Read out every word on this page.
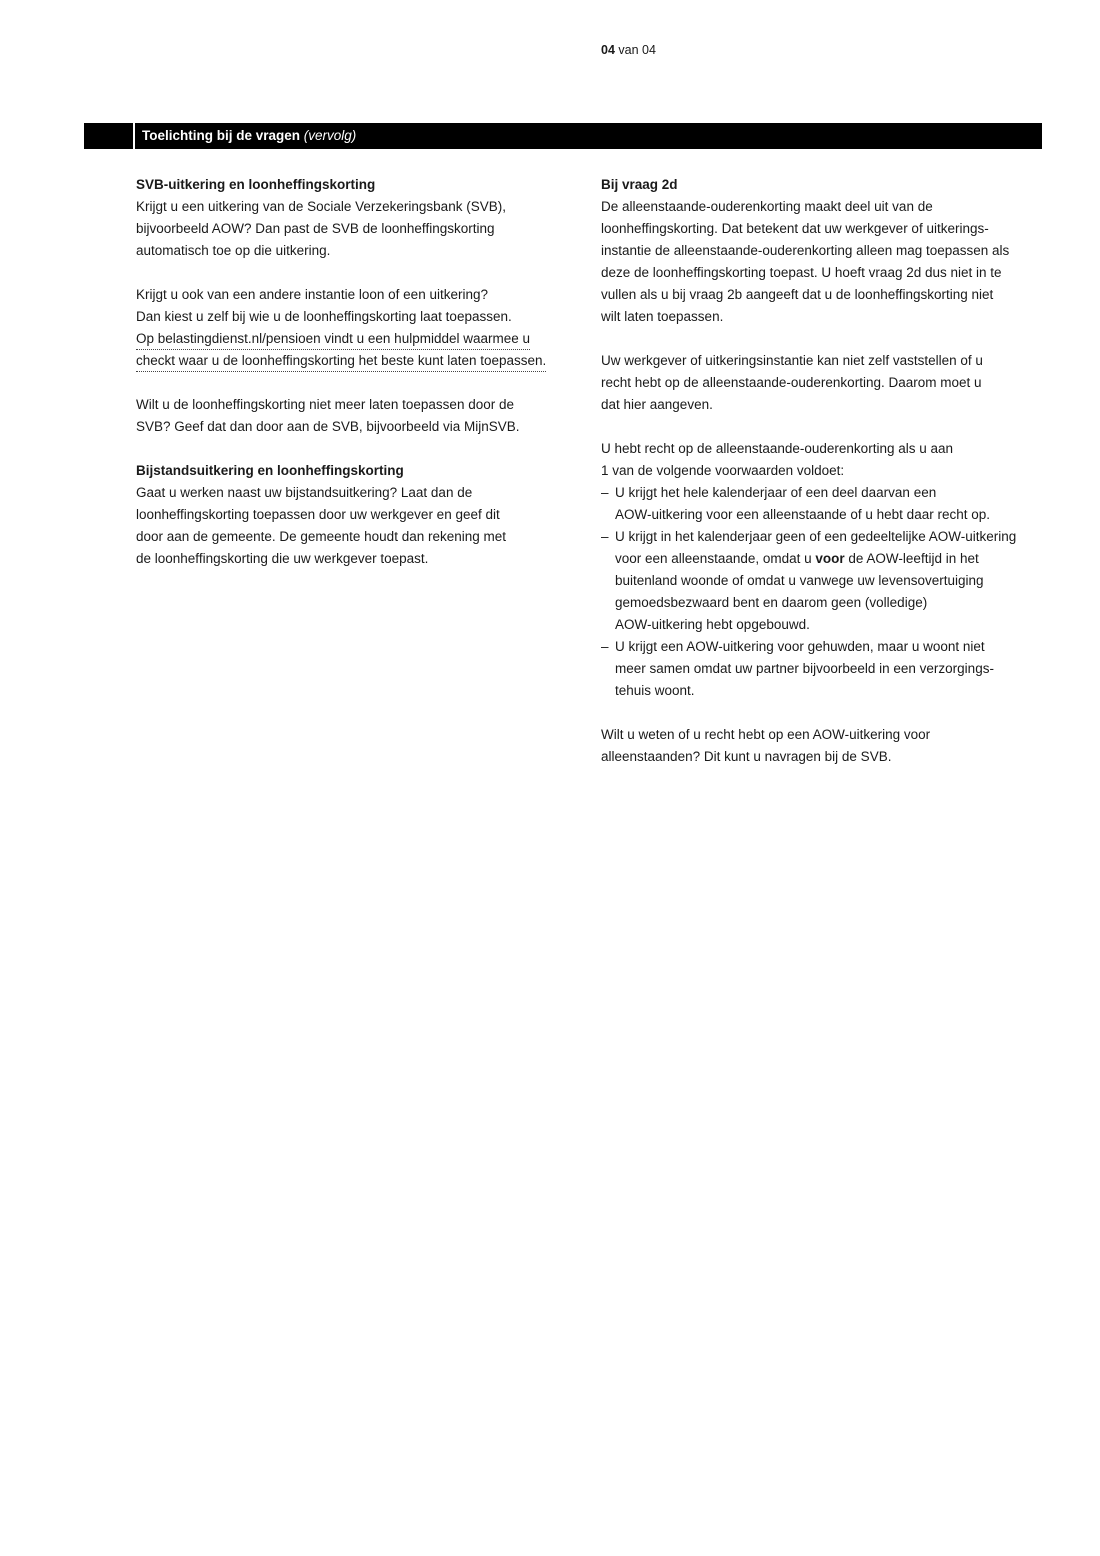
04 van 04
Toelichting bij de vragen (vervolg)

SVB-uitkering en loonheffingskorting

Krijgt u een uitkering van de Sociale Verzekeringsbank (SVB),
bijvoorbeeld AOW? Dan past de SVB de loonheffingskorting
automatisch toe op die uitkering.

Krijgt u ook van een andere instantie loon of een uitkering?
Dan kiest u zelf bij wie u de loonheffingskorting laat toepassen.
Op belastingdienst.nl/pensioen vindt u een hulpmiddel waarmee u
checkt waar u de loonheffingskorting het beste kunt laten toepassen.

Wilt u de loonheffingskorting niet meer laten toepassen door de
SVB? Geef dat dan door aan de SVB, bijvoorbeeld via MijnSVB.

Bijstandsuitkering en loonheffingskorting

Gaat u werken naast uw bijstandsuitkering? Laat dan de
loonheffingskorting toepassen door uw werkgever en geef dit
door aan de gemeente. De gemeente houdt dan rekening met
de loonheffingskorting die uw werkgever toepast.

Bij vraag 2d

De alleenstaande-ouderenkorting maakt deel uit van de
loonheffingskorting. Dat betekent dat uw werkgever of uitkerings-
instantie de alleenstaande-ouderenkorting alleen mag toepassen als
deze de loonheffingskorting toepast. U hoeft vraag 2d dus niet in te
vullen als u bij vraag 2b aangeeft dat u de loonheffingskorting niet
wilt laten toepassen.

Uw werkgever of uitkeringsinstantie kan niet zelf vaststellen of u
recht hebt op de alleenstaande-ouderenkorting. Daarom moet u
dat hier aangeven.

U hebt recht op de alleenstaande-ouderenkorting als u aan
1 van de volgende voorwaarden voldoet:

– U krijgt het hele kalenderjaar of een deel daarvan een
AOW-uitkering voor een alleenstaande of u hebt daar recht op.

– U krijgt in het kalenderjaar geen of een gedeeltelijke AOW-uitkering
voor een alleenstaande, omdat u voor de AOW-leeftijd in het
buitenland woonde of omdat u vanwege uw levensovertuiging
gemoedsbezwaard bent en daarom geen (volledige)
AOW-uitkering hebt opgebouwd.

– U krijgt een AOW-uitkering voor gehuwden, maar u woont niet
meer samen omdat uw partner bijvoorbeeld in een verzorgings-
tehuis woont.

Wilt u weten of u recht hebt op een AOW-uitkering voor
alleenstaanden? Dit kunt u navragen bij de SVB.
